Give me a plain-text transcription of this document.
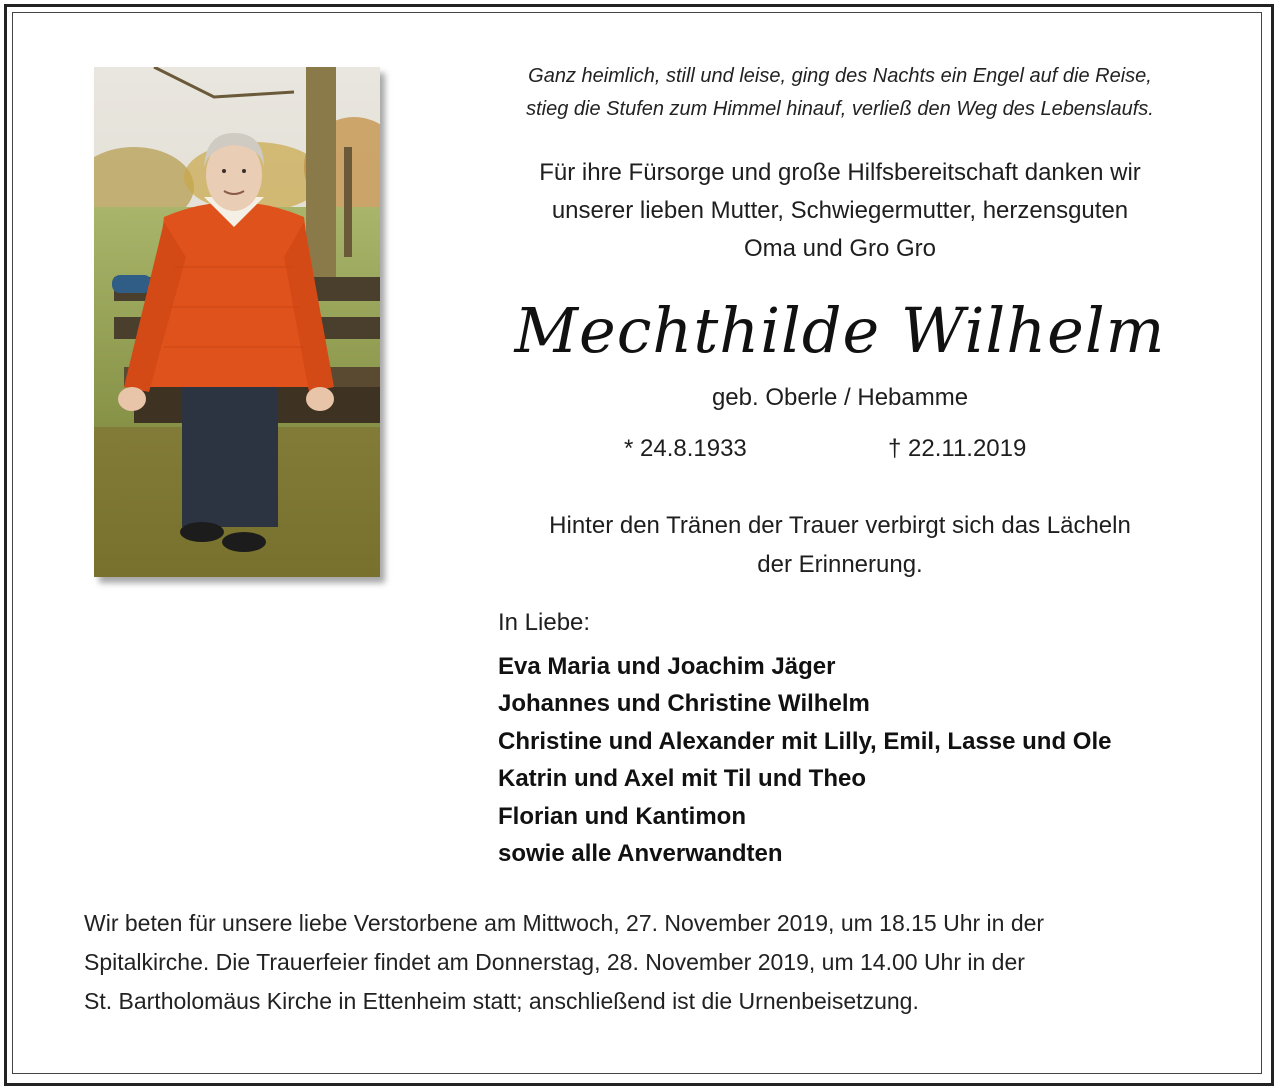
Ganz heimlich, still und leise, ging des Nachts ein Engel auf die Reise,
stieg die Stufen zum Himmel hinauf, verließ den Weg des Lebenslaufs.
Für ihre Fürsorge und große Hilfsbereitschaft danken wir
unserer lieben Mutter, Schwiegermutter, herzensguten
Oma und Gro Gro
Mechthilde Wilhelm
geb. Oberle / Hebamme
* 24.8.1933	† 22.11.2019
Hinter den Tränen der Trauer verbirgt sich das Lächeln
der Erinnerung.
In Liebe:
Eva Maria und Joachim Jäger
Johannes und Christine Wilhelm
Christine und Alexander mit Lilly, Emil, Lasse und Ole
Katrin und Axel mit Til und Theo
Florian und Kantimon
sowie alle Anverwandten
Wir beten für unsere liebe Verstorbene am Mittwoch, 27. November 2019, um 18.15 Uhr in der
Spitalkirche. Die Trauerfeier findet am Donnerstag, 28. November 2019, um 14.00 Uhr in der
St. Bartholomäus Kirche in Ettenheim statt; anschließend ist die Urnenbeisetzung.
